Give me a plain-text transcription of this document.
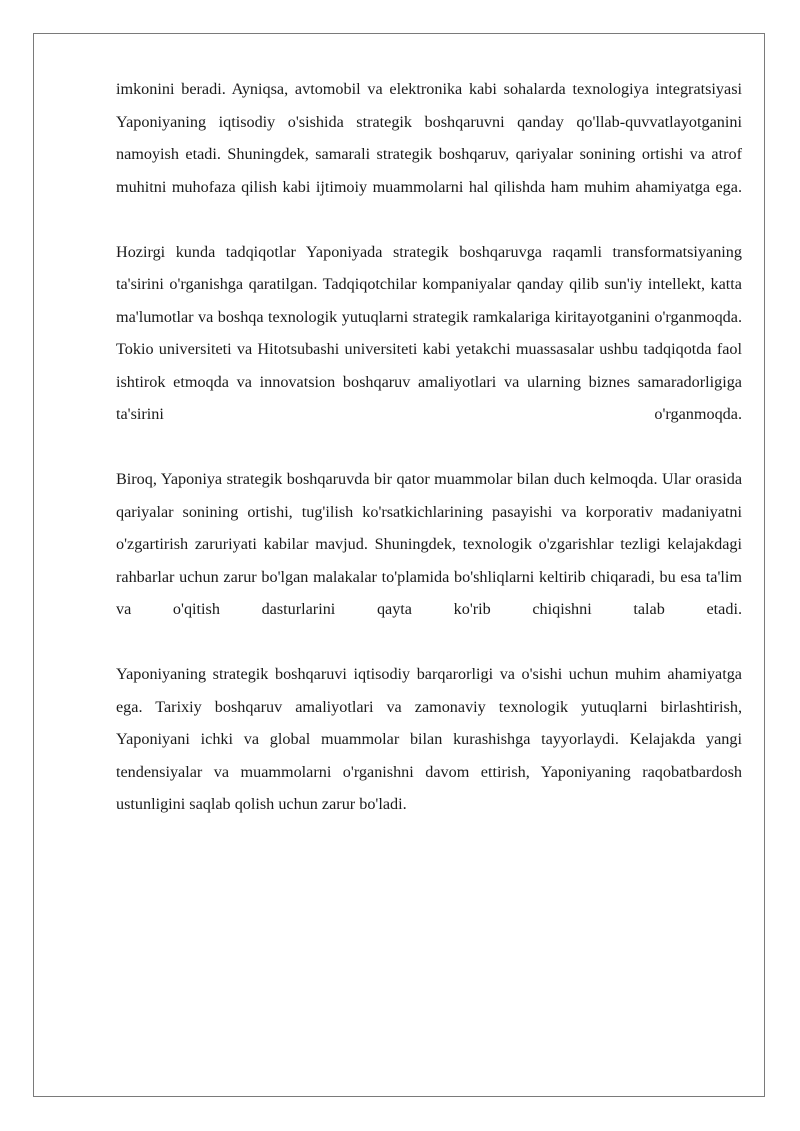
imkonini beradi. Ayniqsa, avtomobil va elektronika kabi sohalarda texnologiya integratsiyasi Yaponiyaning iqtisodiy o'sishida strategik boshqaruvni qanday qo'llab-quvvatlayotganini namoyish etadi. Shuningdek, samarali strategik boshqaruv, qariyalar sonining ortishi va atrof muhitni muhofaza qilish kabi ijtimoiy muammolarni hal qilishda ham muhim ahamiyatga ega.

Hozirgi kunda tadqiqotlar Yaponiyada strategik boshqaruvga raqamli transformatsiyaning ta'sirini o'rganishga qaratilgan. Tadqiqotchilar kompaniyalar qanday qilib sun'iy intellekt, katta ma'lumotlar va boshqa texnologik yutuqlarni strategik ramkalariga kiritayotganini o'rganmoqda. Tokio universiteti va Hitotsubashi universiteti kabi yetakchi muassasalar ushbu tadqiqotda faol ishtirok etmoqda va innovatsion boshqaruv amaliyotlari va ularning biznes samaradorligiga ta'sirini o'rganmoqda.

Biroq, Yaponiya strategik boshqaruvda bir qator muammolar bilan duch kelmoqda. Ular orasida qariyalar sonining ortishi, tug'ilish ko'rsatkichlarining pasayishi va korporativ madaniyatni o'zgartirish zaruriyati kabilar mavjud. Shuningdek, texnologik o'zgarishlar tezligi kelajakdagi rahbarlar uchun zarur bo'lgan malakalar to'plamida bo'shliqlarni keltirib chiqaradi, bu esa ta'lim va o'qitish dasturlarini qayta ko'rib chiqishni talab etadi.

Yaponiyaning strategik boshqaruvi iqtisodiy barqarorligi va o'sishi uchun muhim ahamiyatga ega. Tarixiy boshqaruv amaliyotlari va zamonaviy texnologik yutuqlarni birlashtirish, Yaponiyani ichki va global muammolar bilan kurashishga tayyorlaydi. Kelajakda yangi tendensiyalar va muammolarni o'rganishni davom ettirish, Yaponiyaning raqobatbardosh ustunligini saqlab qolish uchun zarur bo'ladi.
